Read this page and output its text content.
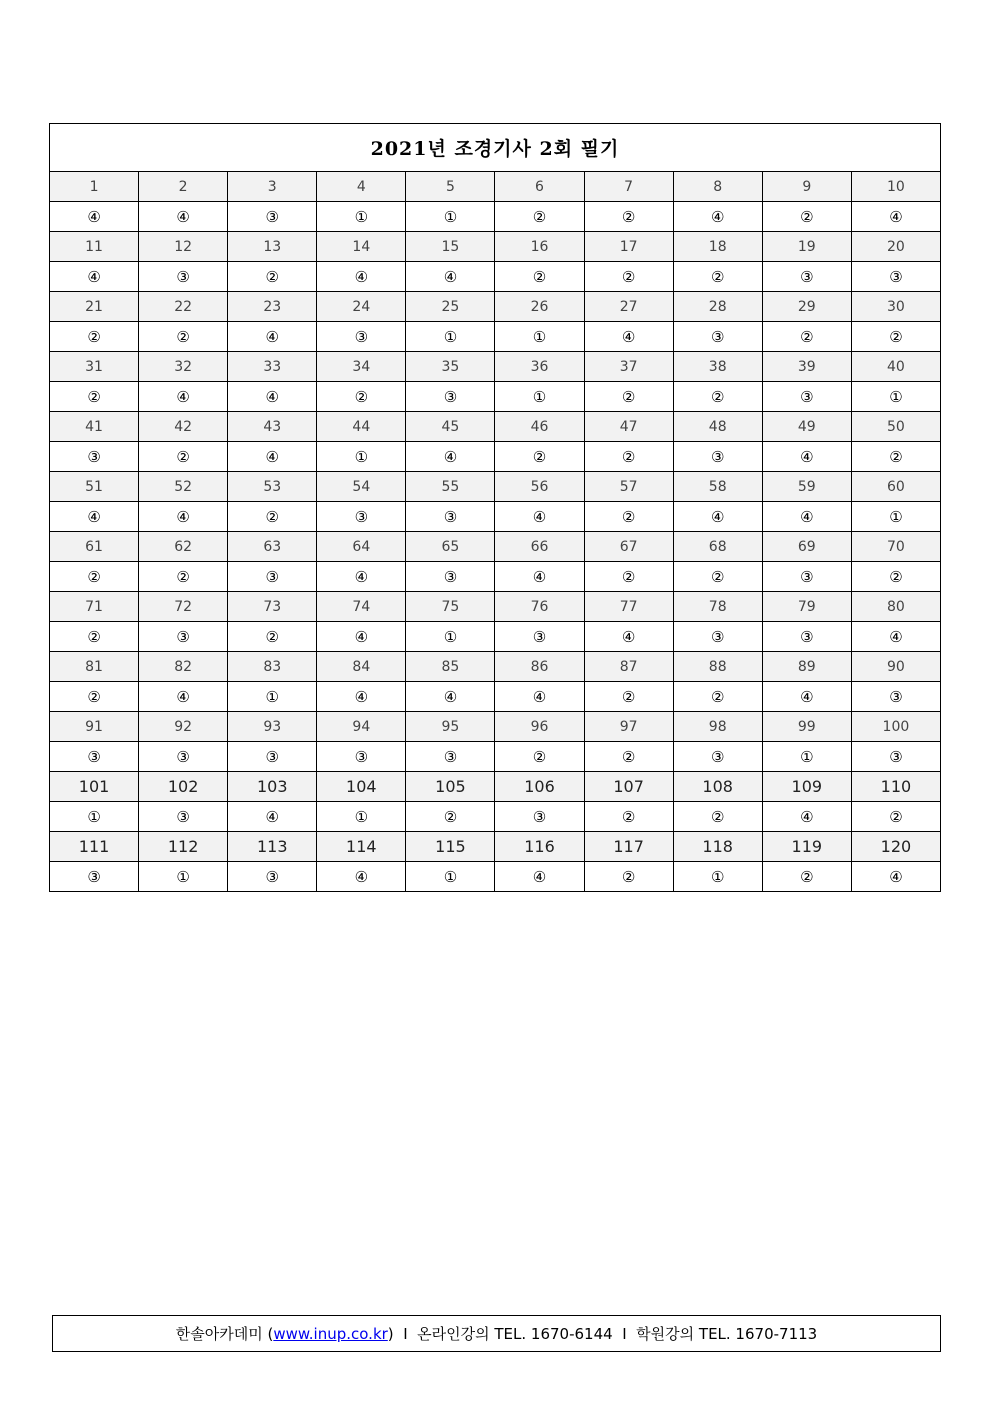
2021년 조경기사 2회 필기									
1	2	3	4	5	6	7	8	9	10
④	④	③	①	①	②	②	④	②	④
11	12	13	14	15	16	17	18	19	20
④	③	②	④	④	②	②	②	③	③
21	22	23	24	25	26	27	28	29	30
②	②	④	③	①	①	④	③	②	②
31	32	33	34	35	36	37	38	39	40
②	④	④	②	③	①	②	②	③	①
41	42	43	44	45	46	47	48	49	50
③	②	④	①	④	②	②	③	④	②
51	52	53	54	55	56	57	58	59	60
④	④	②	③	③	④	②	④	④	①
61	62	63	64	65	66	67	68	69	70
②	②	③	④	③	④	②	②	③	②
71	72	73	74	75	76	77	78	79	80
②	③	②	④	①	③	④	③	③	④
81	82	83	84	85	86	87	88	89	90
②	④	①	④	④	④	②	②	④	③
91	92	93	94	95	96	97	98	99	100
③	③	③	③	③	②	②	③	①	③
101	102	103	104	105	106	107	108	109	110
①	③	④	①	②	③	②	②	④	②
111	112	113	114	115	116	117	118	119	120
③	①	③	④	①	④	②	①	②	④
한솔아카데미 ( www.inup.co.kr ) I 온라인강의 TEL. 1670-6144 I 학원강의 TEL. 1670-7113
